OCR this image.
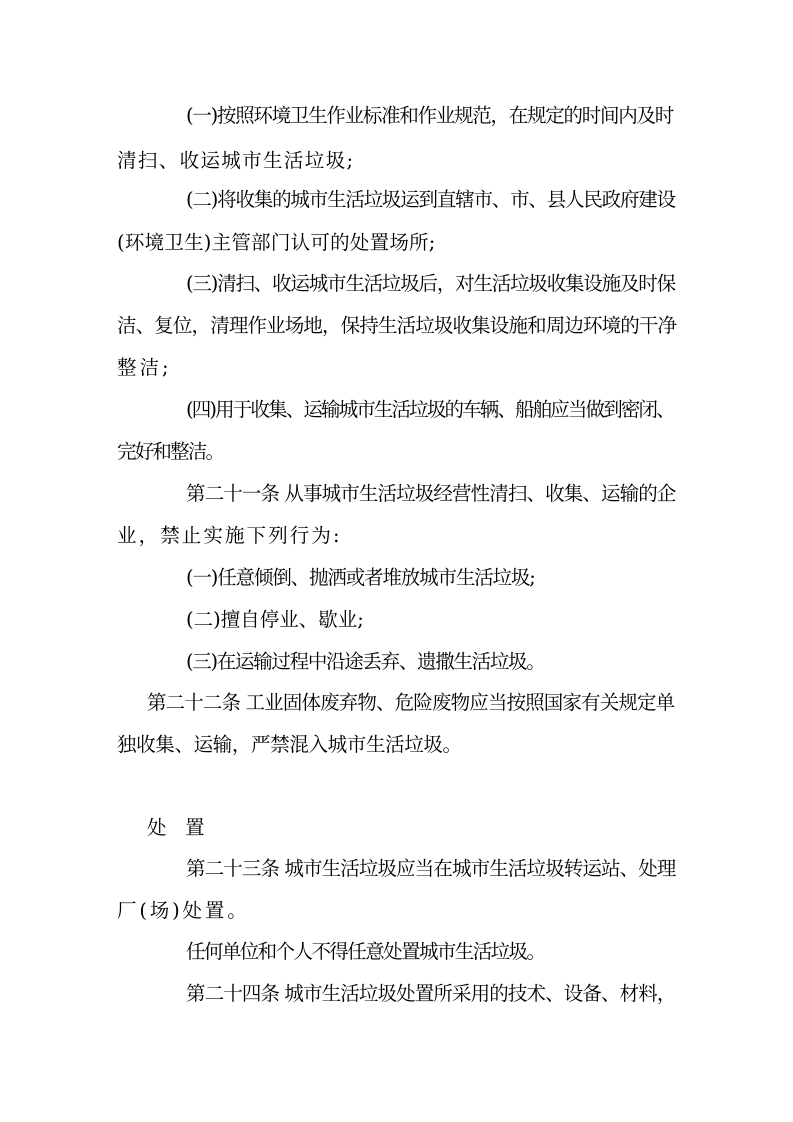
(一)按照环境卫生作业标准和作业规范，在规定的时间内及时
清扫、收运城市生活垃圾;
(二)将收集的城市生活垃圾运到直辖市、市、县人民政府建设
(环境卫生)主管部门认可的处置场所;
(三)清扫、收运城市生活垃圾后，对生活垃圾收集设施及时保
洁、复位，清理作业场地，保持生活垃圾收集设施和周边环境的干净
整洁;
(四)用于收集、运输城市生活垃圾的车辆、船舶应当做到密闭、
完好和整洁。
第二十一条 从事城市生活垃圾经营性清扫、收集、运输的企
业，禁止实施下列行为:
(一)任意倾倒、抛洒或者堆放城市生活垃圾;
(二)擅自停业、歇业;
(三)在运输过程中沿途丢弃、遗撒生活垃圾。
第二十二条 工业固体废弃物、危险废物应当按照国家有关规定单
独收集、运输，严禁混入城市生活垃圾。
处　置
第二十三条 城市生活垃圾应当在城市生活垃圾转运站、处理
厂(场)处置。
任何单位和个人不得任意处置城市生活垃圾。
第二十四条 城市生活垃圾处置所采用的技术、设备、材料，
